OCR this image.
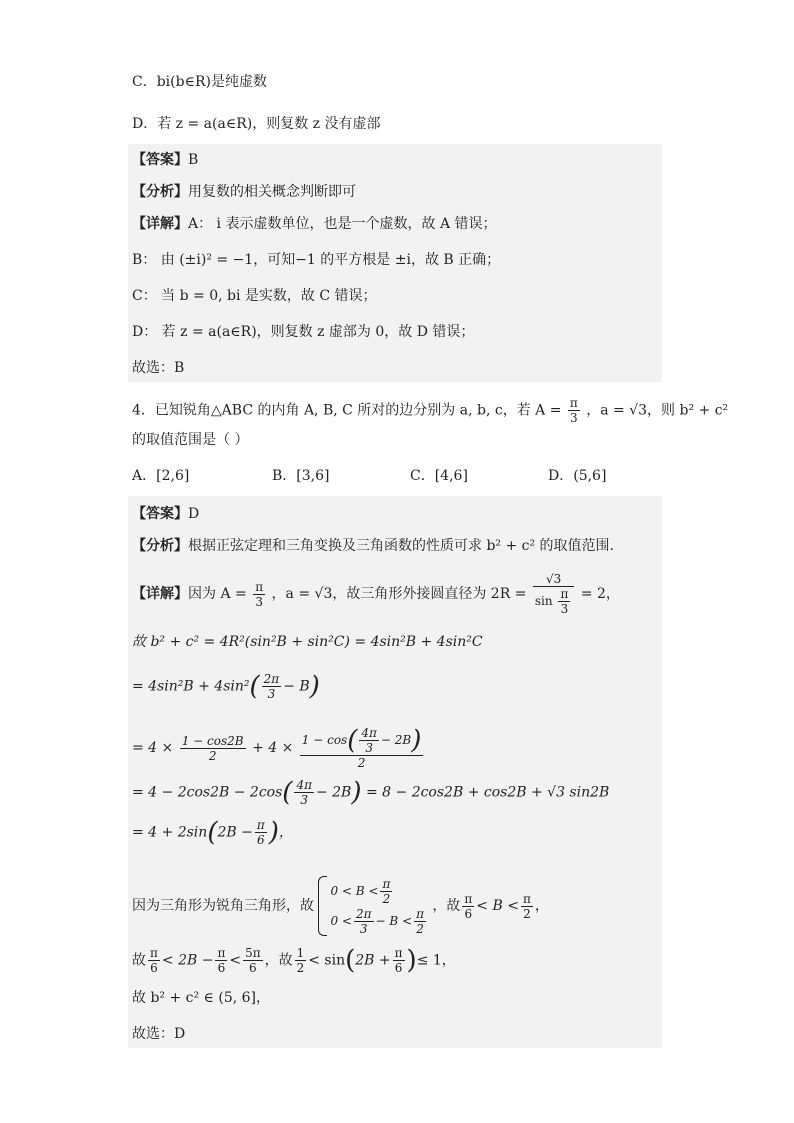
C．bi(b∈R)是纯虚数
D．若 z = a(a∈R)，则复数 z 没有虚部
【答案】B
【分析】用复数的相关概念判断即可
【详解】A： i 表示虚数单位，也是一个虚数，故 A 错误；
B： 由 (±i)² = −1，可知−1 的平方根是 ±i，故 B 正确；
C： 当 b = 0, bi 是实数，故 C 错误；
D： 若 z = a(a∈R)，则复数 z 虚部为 0，故 D 错误；
故选：B
4．已知锐角△ABC 的内角 A, B, C 所对的边分别为 a, b, c，若 $A = \frac{\pi}{3}$ ，a = √3，则 b² + c²
的取值范围是（ ）
A．[2,6]	B．[3,6]	C．[4,6]	D．(5,6]
【答案】D
【分析】根据正弦定理和三角变换及三角函数的性质可求 b² + c² 的取值范围.
【详解】因为 $A = \frac{\pi}{3}$ ，a = √3，故三角形外接圆直径为 $2R = \frac{√3}{\sin \frac{\pi}{3}} = 2$，
故 b² + c² = 4R²(sin²B + sin²C) = 4sin²B + 4sin²C
= $4\sin^2B + 4\sin^2( \frac{2\pi}{3} - B)$
= $4 \times \frac{1 - \cos 2B}{2} + 4 \times \frac{1 - \cos( \frac{4\pi}{3} - 2B)}{2}$
= $4 - 2\cos 2B - 2\cos( \frac{4\pi}{3} - 2B) = 8 - 2\cos 2B + \cos 2B + √3$ sin2B
= $4 + 2\sin(2B - \frac{\pi}{6}$ )，
因为三角形为锐角三角形，故
$0 < B < \frac{\pi}{2}$
$0 < \frac{2\pi}{3} - B < \frac{\pi}{2}$
，故 $\frac{\pi}{6} < B < \frac{\pi}{2}$ ，
故 $\frac{\pi}{6} < 2B - \frac{\pi}{6} < \frac{5\pi}{6}$ ，故 $\frac{1}{2} < \sin(2B + \frac{\pi}{6}$ )≤ 1，
故 b² + c² ∈ (5, 6]，
故选：D
